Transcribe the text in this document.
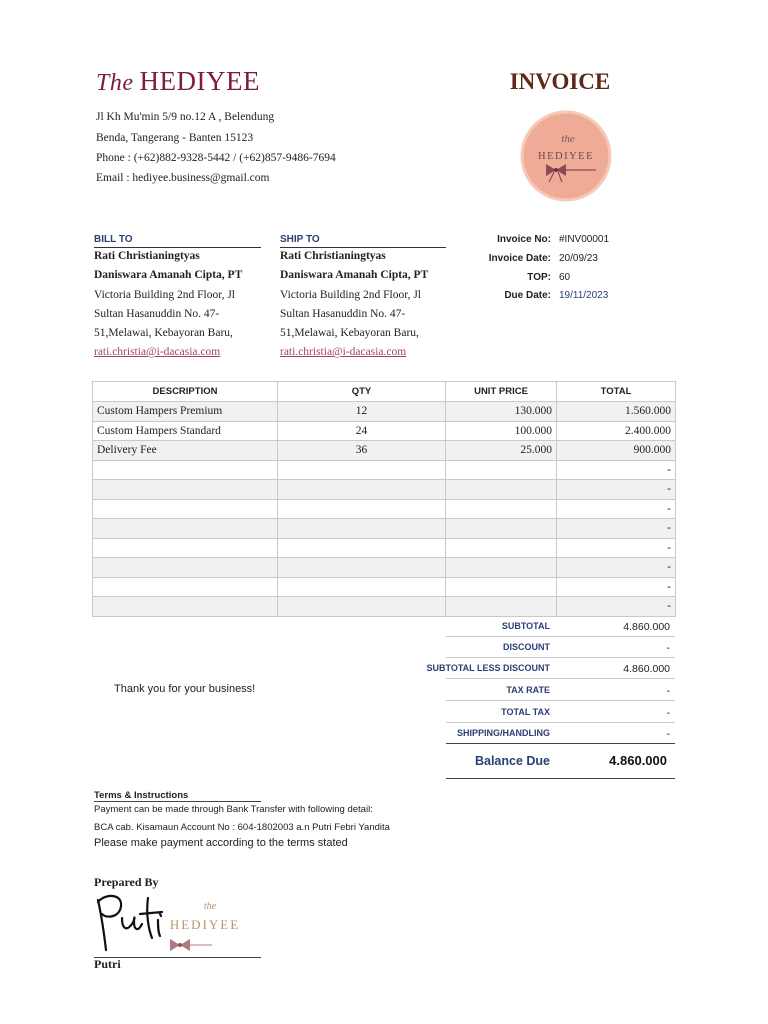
The HEDIYEE	INVOICE
Jl Kh Mu'min 5/9 no.12 A , Belendung
Benda, Tangerang - Banten 15123
Phone : (+62)882-9328-5442 / (+62)857-9486-7694
Email : hediyee.business@gmail.com
the
HEDIYEE
BILL TO
Rati Christianingtyas
Daniswara Amanah Cipta, PT
Victoria Building 2nd Floor, Jl
Sultan Hasanuddin No. 47-
51,Melawai, Kebayoran Baru,
rati.christia@i-dacasia.com
SHIP TO
Rati Christianingtyas
Daniswara Amanah Cipta, PT
Victoria Building 2nd Floor, Jl
Sultan Hasanuddin No. 47-
51,Melawai, Kebayoran Baru,
rati.christia@i-dacasia.com
Invoice No: #INV00001
Invoice Date: 20/09/23
TOP: 60
Due Date: 19/11/2023
DESCRIPTION	QTY	UNIT PRICE	TOTAL
Custom Hampers Premium	12	130.000	1.560.000
Custom Hampers Standard	24	100.000	2.400.000
Delivery Fee	36	25.000	900.000
			-
			-
			-
			-
			-
			-
			-
			-
SUBTOTAL	4.860.000
DISCOUNT	-
SUBTOTAL LESS DISCOUNT	4.860.000
TAX RATE	-
TOTAL TAX	-
SHIPPING/HANDLING	-
Balance Due	4.860.000
Thank you for your business!
Terms & Instructions
Payment can be made through Bank Transfer with following detail:
BCA cab. Kisamaun Account No : 604-1802003 a.n Putri Febri Yandita
Please make payment according to the terms stated
Prepared By
the
HEDIYEE
Putri
